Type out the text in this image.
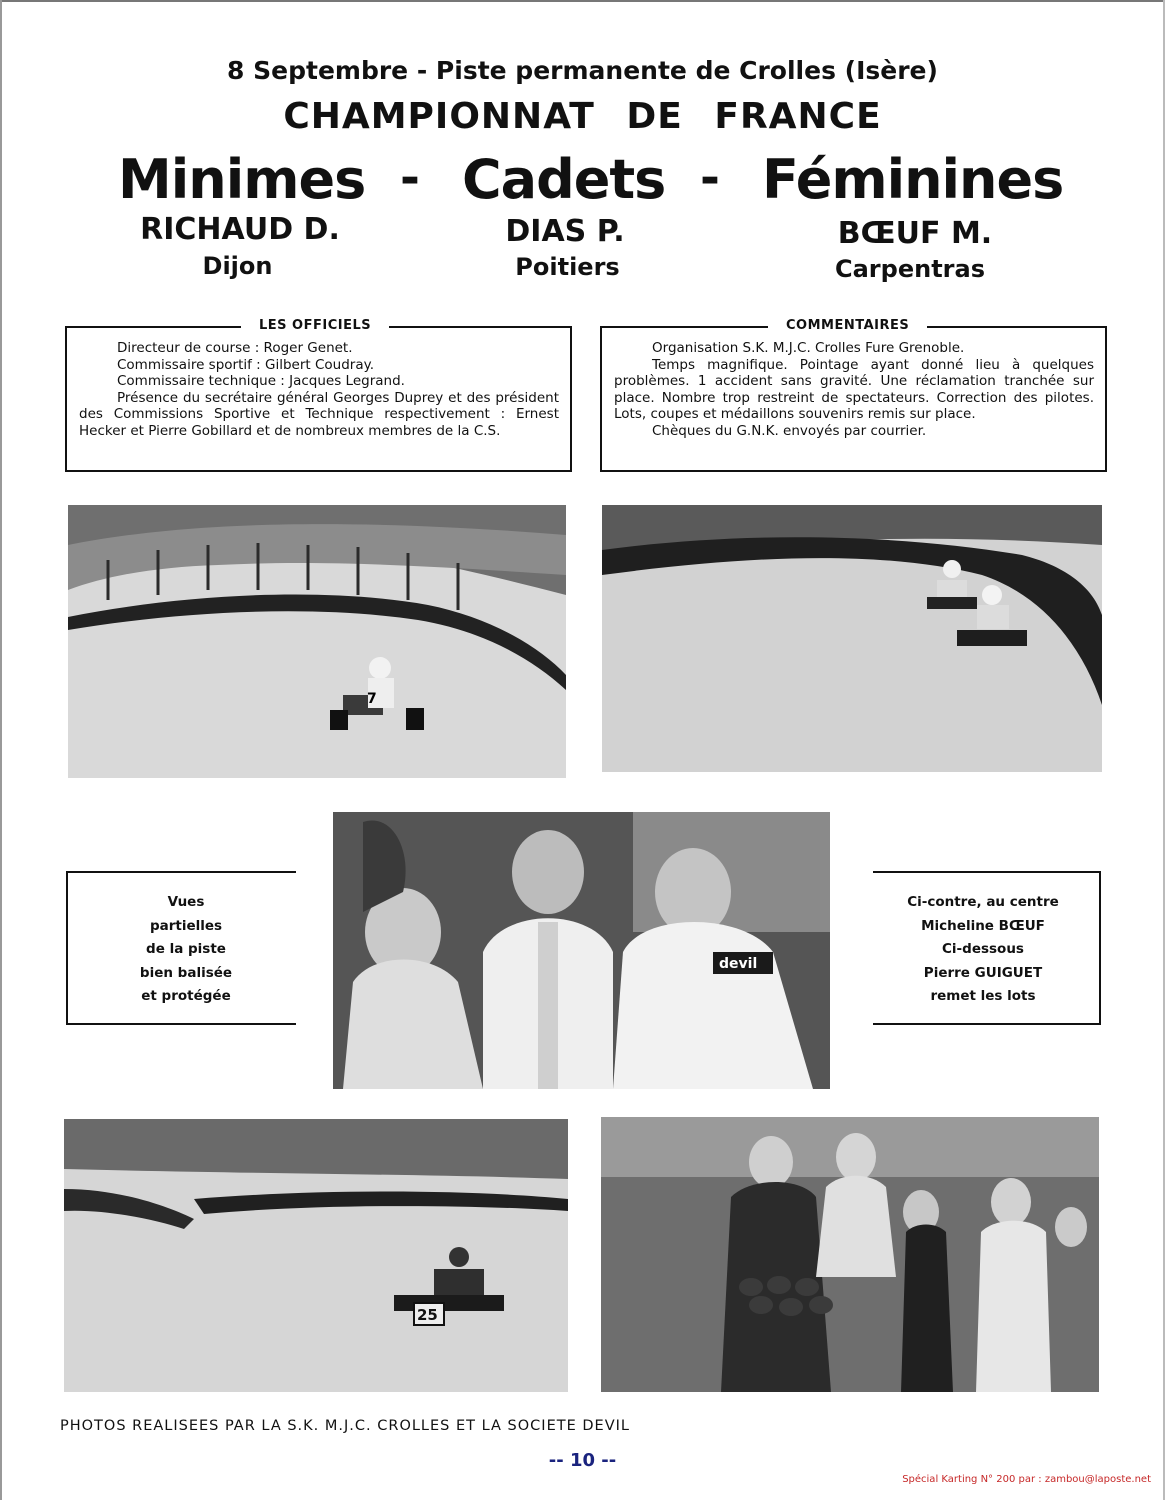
8 Septembre - Piste permanente de Crolles (Isère)
CHAMPIONNAT DE FRANCE
Minimes - Cadets - Féminines
RICHAUD D.	DIAS P.	BŒUF M.
Dijon	Poitiers	Carpentras
LES OFFICIELS

Directeur de course : Roger Genet.

Commissaire sportif : Gilbert Coudray.

Commissaire technique : Jacques Legrand.

Présence du secrétaire général Georges Duprey et des président des Commissions Sportive et Technique respectivement : Ernest Hecker et Pierre Gobillard et de nombreux membres de la C.S.

COMMENTAIRES

Organisation S.K. M.J.C. Crolles Fure Grenoble.

Temps magnifique. Pointage ayant donné lieu à quelques problèmes. 1 accident sans gravité. Une réclamation tranchée sur place. Nombre trop restreint de spectateurs. Correction des pilotes. Lots, coupes et médaillons souvenirs remis sur place.

Chèques du G.N.K. envoyés par courrier.

7
Vues
partielles
de la piste
bien balisée
et protégée
devil
Ci-contre, au centre
Micheline BŒUF
Ci-dessous
Pierre GUIGUET
remet les lots
25
PHOTOS REALISEES PAR LA S.K. M.J.C. CROLLES ET LA SOCIETE DEVIL
-- 10 --
Spécial Karting N° 200 par : zambou@laposte.net
